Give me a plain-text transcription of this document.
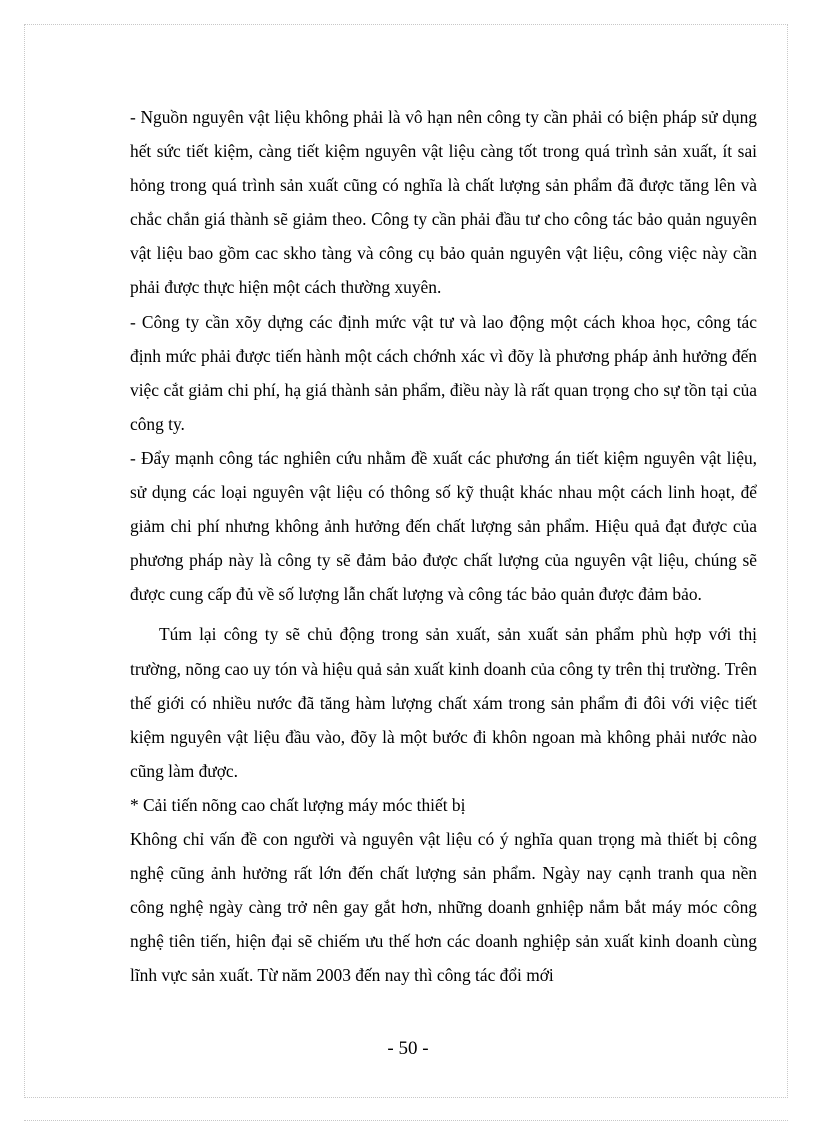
- Nguồn nguyên vật liệu không phải là vô hạn nên công ty cần phải có biện pháp sử dụng hết sức tiết kiệm, càng tiết kiệm nguyên vật liệu càng tốt trong quá trình sản xuất, ít sai hỏng trong quá trình sản xuất cũng có nghĩa là chất lượng sản phẩm đã được tăng lên và chắc chắn giá thành sẽ giảm theo. Công ty cần phải đầu tư cho công tác bảo quản nguyên vật liệu bao gồm cac skho tàng và công cụ bảo quản nguyên vật liệu, công việc này cần phải được thực hiện một cách thường xuyên.

- Công ty cần xõy dựng các định mức vật tư và lao động một cách khoa học, công tác định mức phải được tiến hành một cách chớnh xác vì đõy là phương pháp ảnh hưởng đến việc cắt giảm chi phí, hạ giá thành sản phẩm, điều này là rất quan trọng cho sự tồn tại của công ty.

- Đẩy mạnh công tác nghiên cứu nhằm đề xuất các phương án tiết kiệm nguyên vật liệu, sử dụng các loại nguyên vật liệu có thông số kỹ thuật khác nhau một cách linh hoạt, để giảm chi phí nhưng không ảnh hưởng đến chất lượng sản phẩm. Hiệu quả đạt được của phương pháp này là công ty sẽ đảm bảo được chất lượng của nguyên vật liệu, chúng sẽ được cung cấp đủ về số lượng lẫn chất lượng và công tác bảo quản được đảm bảo.

Túm lại công ty sẽ chủ động trong sản xuất, sản xuất sản phẩm phù hợp với thị trường, nõng cao uy tón và hiệu quả sản xuất kinh doanh của công ty trên thị trường. Trên thế giới có nhiều nước đã tăng hàm lượng chất xám trong sản phẩm đi đôi với việc tiết kiệm nguyên vật liệu đầu vào, đõy là một bước đi khôn ngoan mà không phải nước nào cũng làm được.

* Cải tiến nõng cao chất lượng máy móc thiết bị

Không chỉ vấn đề con người và nguyên vật liệu có ý nghĩa quan trọng mà thiết bị công nghệ cũng ảnh hưởng rất lớn đến chất lượng sản phẩm. Ngày nay cạnh tranh qua nền công nghệ ngày càng trở nên gay gắt hơn, những doanh gnhiệp nắm bắt máy móc công nghệ tiên tiến, hiện đại sẽ chiếm ưu thế hơn các doanh nghiệp sản xuất kinh doanh cùng lĩnh vực sản xuất. Từ năm 2003 đến nay thì công tác đổi mới

- 50 -
